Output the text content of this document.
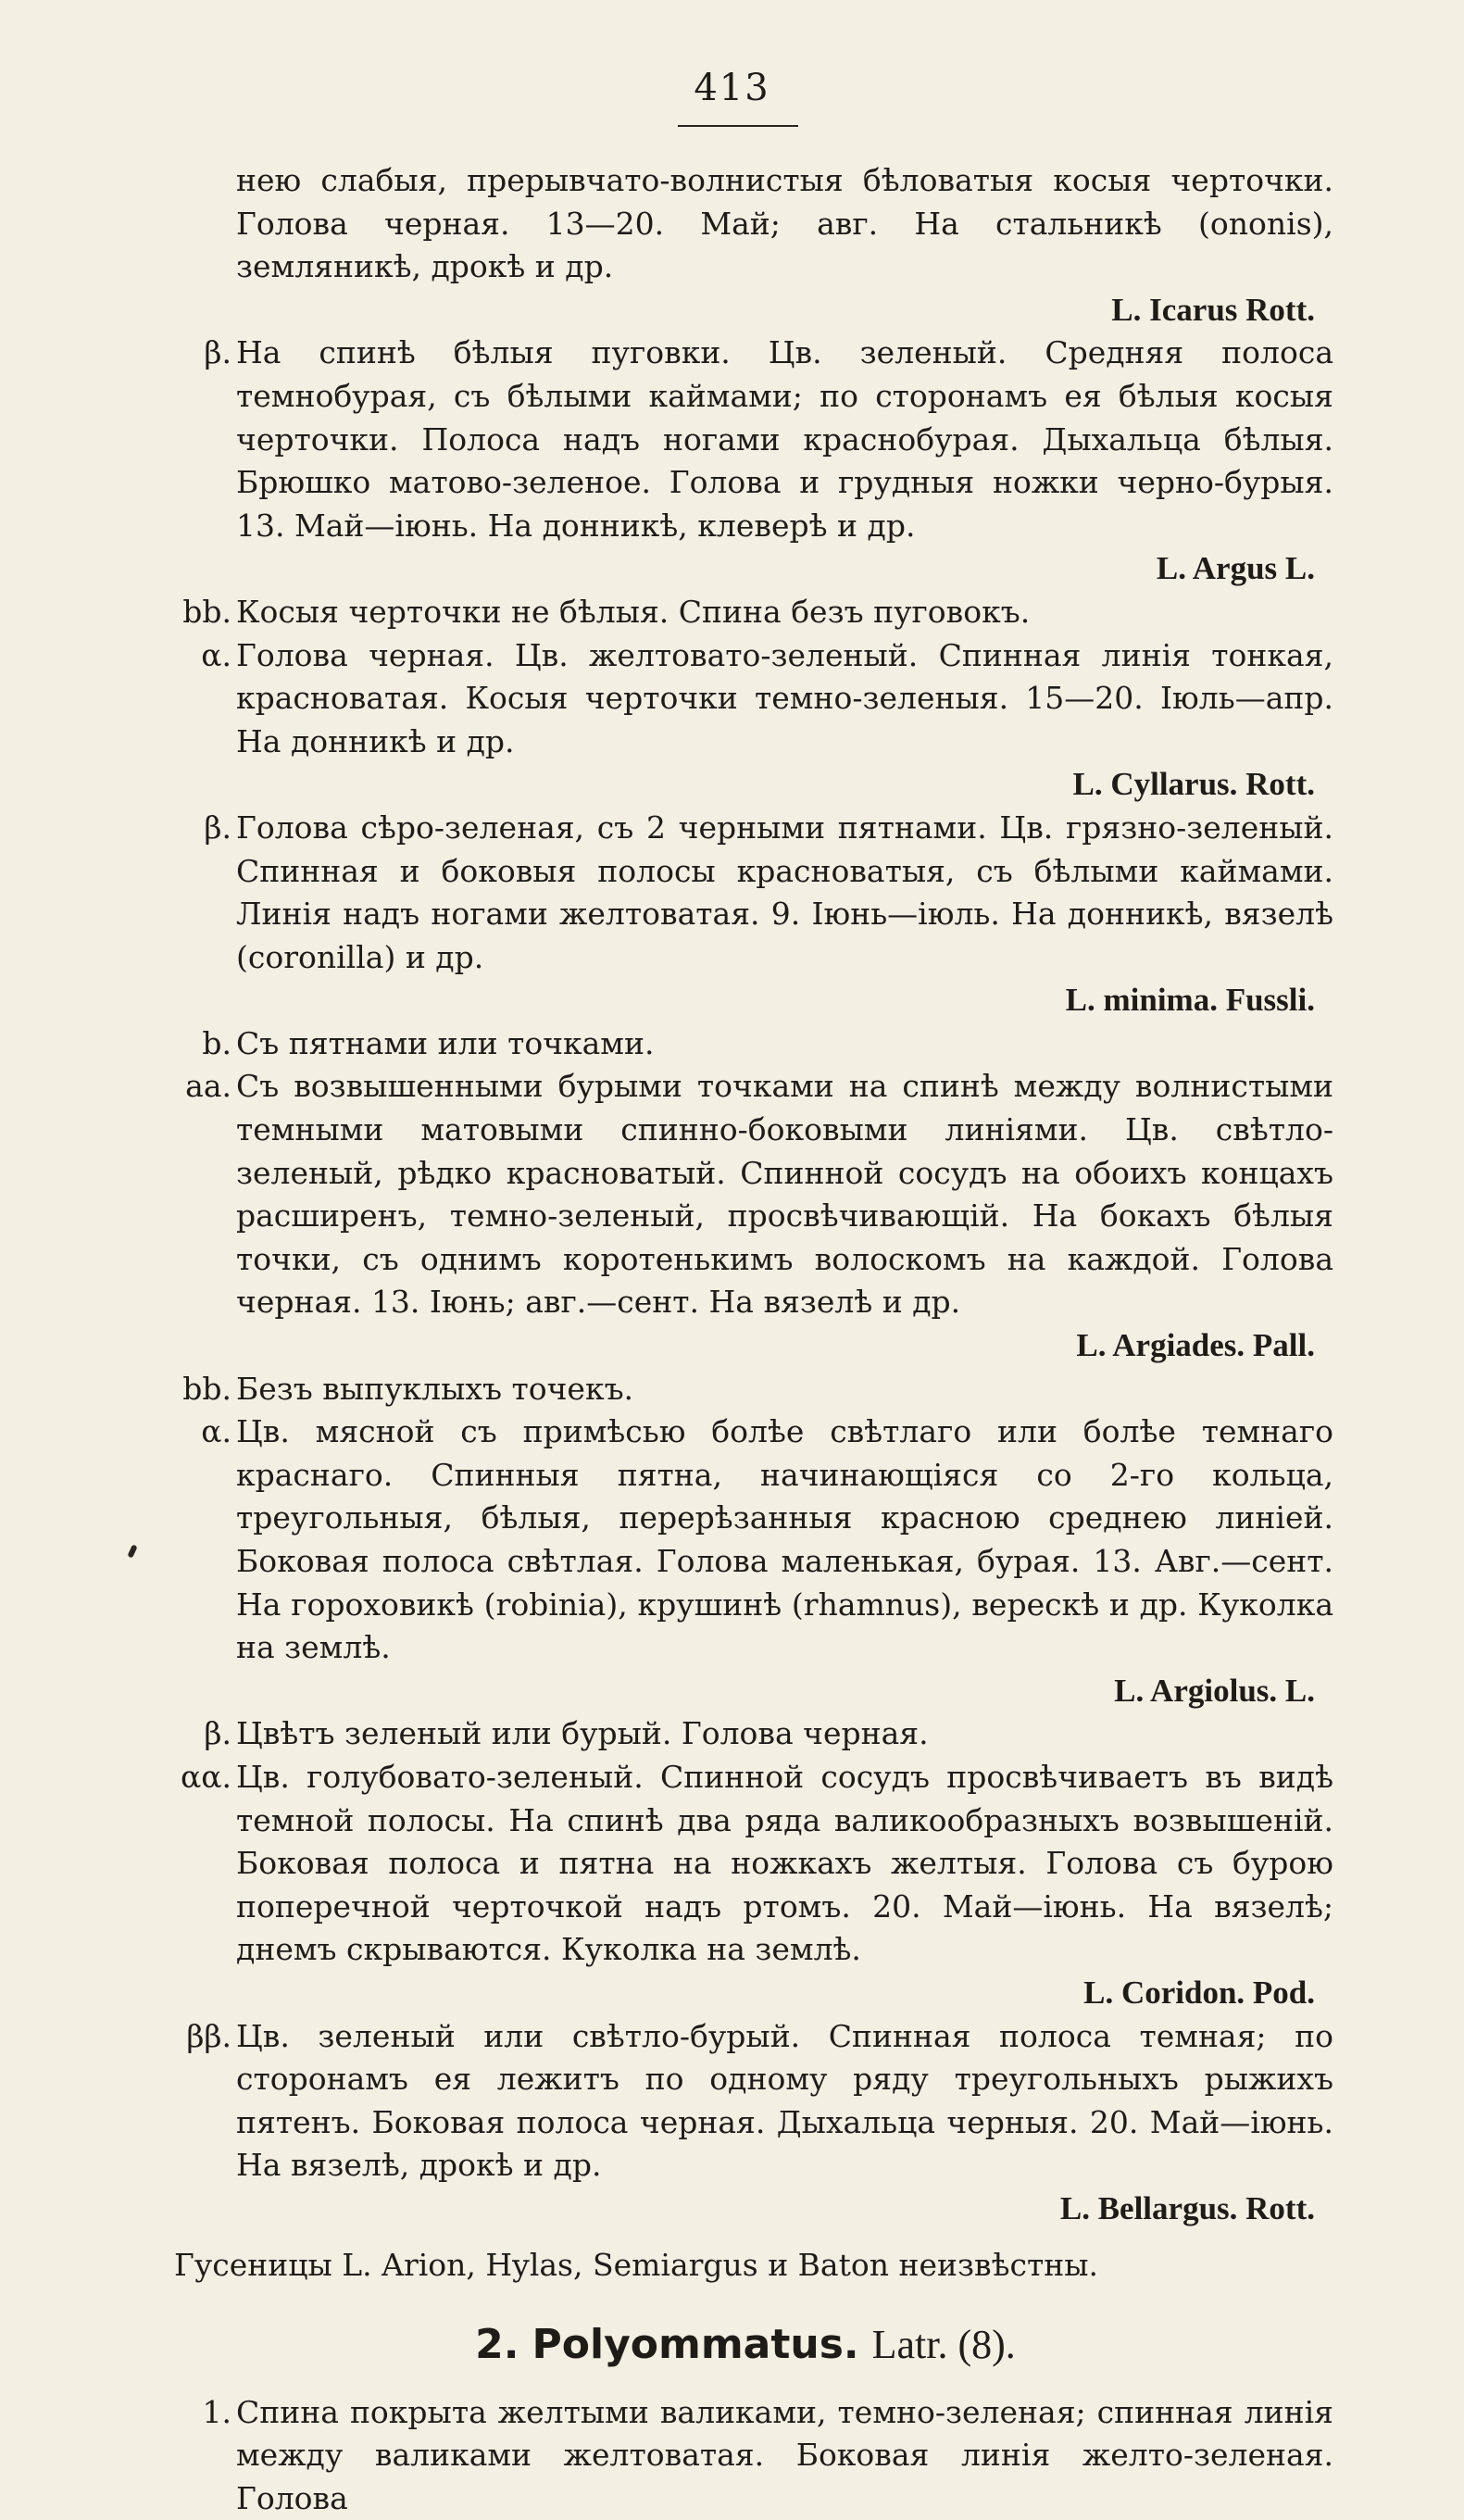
413
нею слабыя, прерывчато-волнистыя бѣловатыя косыя черточки. Голова черная. 13—20. Май; авг. На стальникѣ (ononis), земляникѣ, дрокѣ и др.
L. Icarus Rott.
β. На спинѣ бѣлыя пуговки. Цв. зеленый. Средняя полоса темнобурая, съ бѣлыми каймами; по сторонамъ ея бѣлыя косыя черточки. Полоса надъ ногами краснобурая. Дыхальца бѣлыя. Брюшко матово-зеленое. Голова и грудныя ножки черно-бурыя. 13. Май—іюнь. На донникѣ, клеверѣ и др.
L. Argus L.
bb. Косыя черточки не бѣлыя. Спина безъ пуговокъ.
α. Голова черная. Цв. желтовато-зеленый. Спинная линія тонкая, красноватая. Косыя черточки темно-зеленыя. 15—20. Іюль—апр. На донникѣ и др.
L. Cyllarus. Rott.
β. Голова сѣро-зеленая, съ 2 черными пятнами. Цв. грязно-зеленый. Спинная и боковыя полосы красноватыя, съ бѣлыми каймами. Линія надъ ногами желтоватая. 9. Іюнь—іюль. На донникѣ, вязелѣ (coronilla) и др.
L. minima. Fussli.
b. Съ пятнами или точками.
aa. Съ возвышенными бурыми точками на спинѣ между волнистыми темными матовыми спинно-боковыми линіями. Цв. свѣтло-зеленый, рѣдко красноватый. Спинной сосудъ на обоихъ концахъ расширенъ, темно-зеленый, просвѣчивающій. На бокахъ бѣлыя точки, съ однимъ коротенькимъ волоскомъ на каждой. Голова черная. 13. Іюнь; авг.—сент. На вязелѣ и др.
L. Argiades. Pall.
bb. Безъ выпуклыхъ точекъ.
α. Цв. мясной съ примѣсью болѣе свѣтлаго или болѣе темнаго краснаго. Спинныя пятна, начинающіяся со 2-го кольца, треугольныя, бѣлыя, перерѣзанныя красною среднею линіей. Боковая полоса свѣтлая. Голова маленькая, бурая. 13. Авг.—сент. На гороховикѣ (robinia), крушинѣ (rhamnus), верескѣ и др. Куколка на землѣ.
L. Argiolus. L.
β. Цвѣтъ зеленый или бурый. Голова черная.
αα. Цв. голубовато-зеленый. Спинной сосудъ просвѣчиваетъ въ видѣ темной полосы. На спинѣ два ряда валикообразныхъ возвышеній. Боковая полоса и пятна на ножкахъ желтыя. Голова съ бурою поперечной черточкой надъ ртомъ. 20. Май—іюнь. На вязелѣ; днемъ скрываются. Куколка на землѣ.
L. Coridon. Pod.
ββ. Цв. зеленый или свѣтло-бурый. Спинная полоса темная; по сторонамъ ея лежитъ по одному ряду треугольныхъ рыжихъ пятенъ. Боковая полоса черная. Дыхальца черныя. 20. Май—іюнь. На вязелѣ, дрокѣ и др.
L. Bellargus. Rott.
Гусеницы L. Arion, Hylas, Semiargus и Baton неизвѣстны.
2. Polyommatus. Latr. (8).
1. Спина покрыта желтыми валиками, темно-зеленая; спинная линія между валиками желтоватая. Боковая линія желто-зеленая. Голова
